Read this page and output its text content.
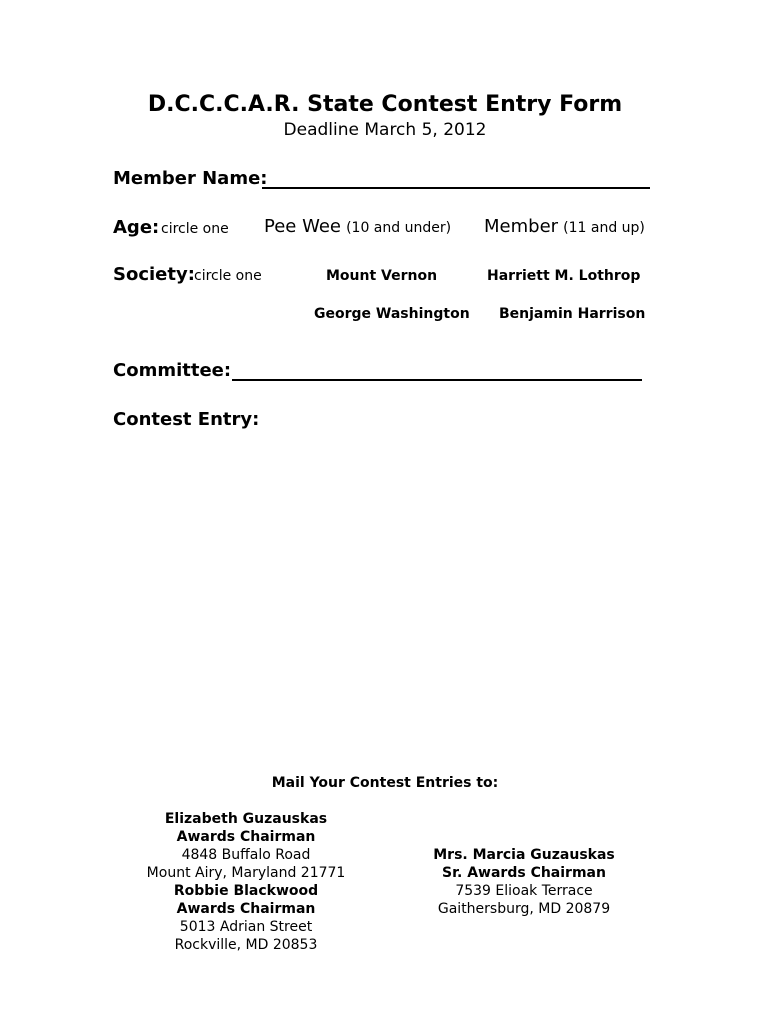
D.C.C.C.A.R. State Contest Entry Form
Deadline March 5, 2012
Member Name:
Age: circle one Pee Wee (10 and under) Member (11 and up)
Society: circle one	Mount Vernon	Harriett M. Lothrop
George Washington Benjamin Harrison
Committee:
Contest Entry:
Mail Your Contest Entries to:
Elizabeth Guzauskas
Awards Chairman
4848 Buffalo Road
Mount Airy, Maryland 21771
Robbie Blackwood
Awards Chairman
5013 Adrian Street
Rockville, MD 20853
Mrs. Marcia Guzauskas
Sr. Awards Chairman
7539 Elioak Terrace
Gaithersburg, MD 20879
